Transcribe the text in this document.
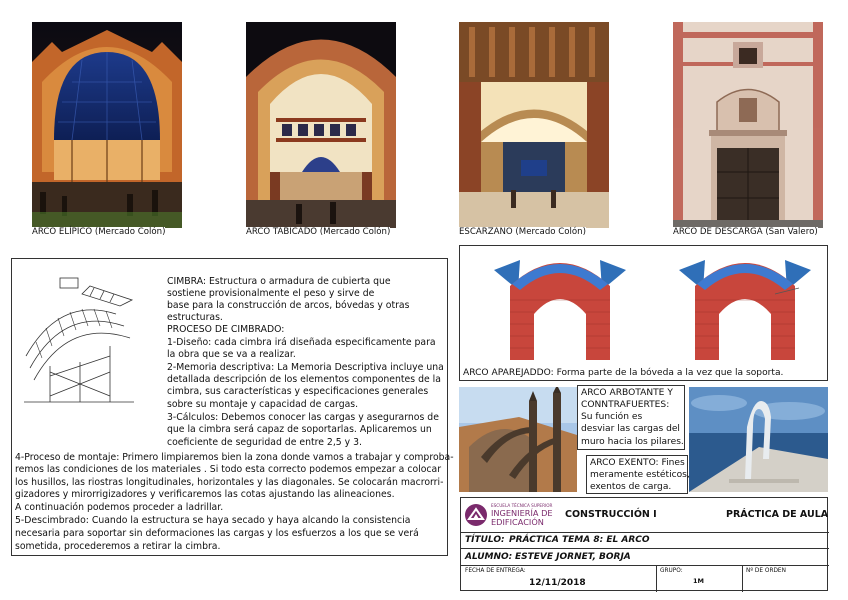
ARCO ELÍPICO (Mercado Colón)	ARCO TABICADO (Mercado Colón)	ESCARZANO (Mercado Colón)	ARCO DE DESCARGA (San Valero)
CIMBRA: Estructura o armadura de cubierta que
sostiene provisionalmente el peso y sirve de
base para la construcción de arcos, bóvedas y otras
estructuras.
PROCESO DE CIMBRADO:
1-Diseño: cada cimbra irá diseñada especificamente para
la obra que se va a realizar.
2-Memoria descriptiva: La Memoria Descriptiva incluye una
detallada descripción de los elementos componentes de la
cimbra, sus características y especificaciones generales
sobre su montaje y capacidad de cargas.
3-Cálculos: Debemos conocer las cargas y asegurarnos de
que la cimbra será capaz de soportarlas. Aplicaremos un
coeficiente de seguridad de entre 2,5 y 3.
4-Proceso de montaje: Primero limpiaremos bien la zona donde vamos a trabajar y comproba-
remos las condiciones de los materiales . Si todo esta correcto podemos empezar a colocar
los husillos, las riostras longitudinales, horizontales y las diagonales. Se colocarán macrorri-
gizadores y mirorrigizadores y verificaremos las cotas ajustando las alineaciones.
A continuación podemos proceder a ladrillar.
5-Descimbrado: Cuando la estructura se haya secado y haya alcando la consistencia
necesaria para soportar sin deformaciones las cargas y los esfuerzos a los que se verá
sometida, procederemos a retirar la cimbra.
ARCO APAREJADDO: Forma parte de la bóveda a la vez que la soporta.
ARCO ARBOTANTE Y
CONNTRAFUERTES:
Su función es
desviar las cargas del
muro hacia los pilares.
ARCO EXENTO: Fines
meramente estéticos,
exentos de carga.
ESCUELA TÉCNICA SUPERIOR
INGENIERÍA DE
EDIFICACIÓN
CONSTRUCCIÓN I	PRÁCTICA DE AULA
TÍTULO: PRÁCTICA TEMA 8: EL ARCO
ALUMNO: ESTEVE JORNET, BORJA
FECHA DE ENTREGA:
12/11/2018
GRUPO:
1M
Nº DE ORDEN
